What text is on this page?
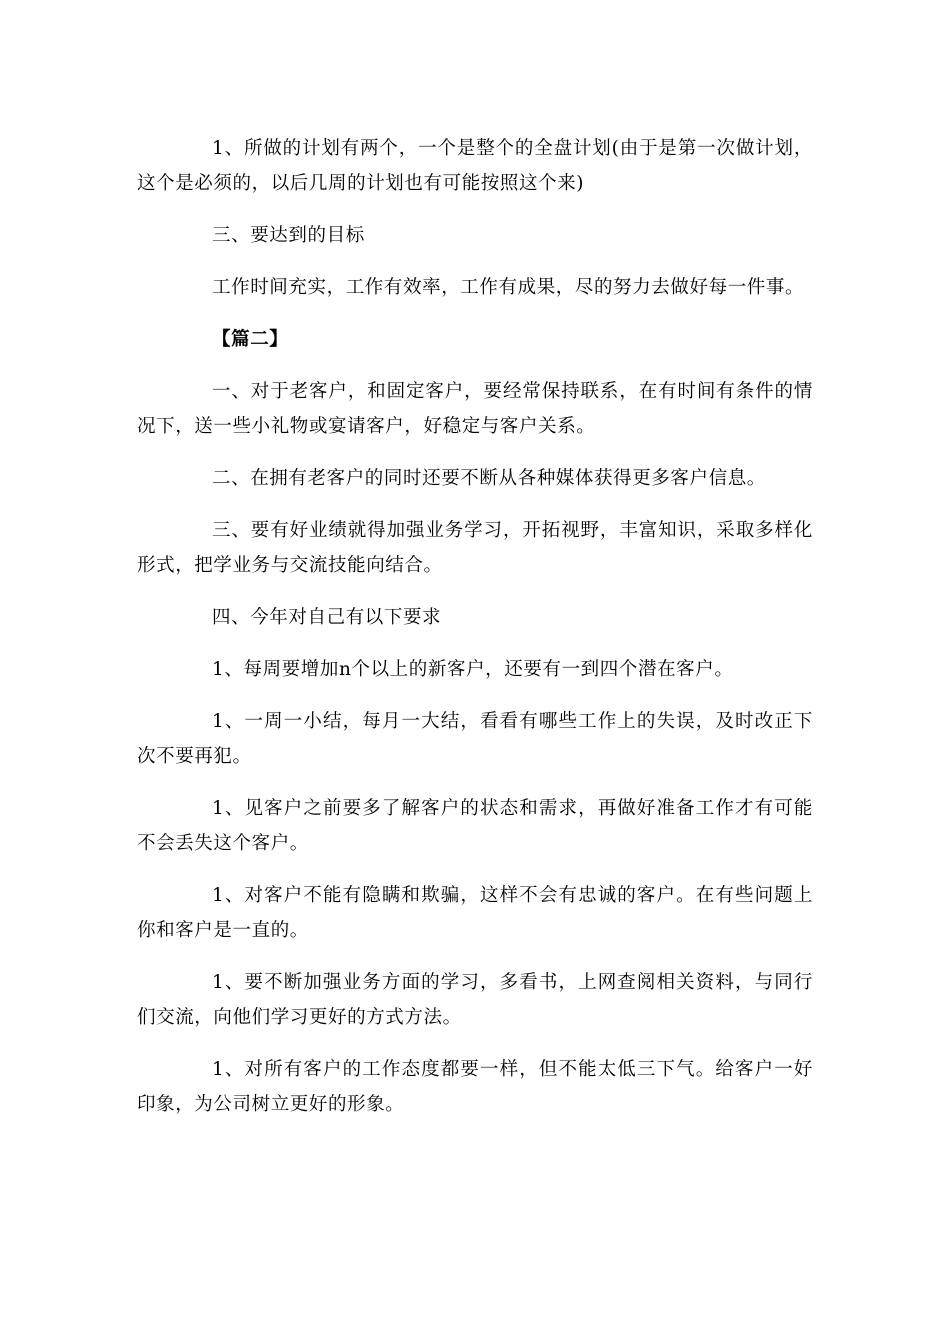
1、所做的计划有两个，一个是整个的全盘计划(由于是第一次做计划，这个是必须的，以后几周的计划也有可能按照这个来)

三、要达到的目标

工作时间充实，工作有效率，工作有成果，尽的努力去做好每一件事。

【篇二】

一、对于老客户，和固定客户，要经常保持联系，在有时间有条件的情况下，送一些小礼物或宴请客户，好稳定与客户关系。

二、在拥有老客户的同时还要不断从各种媒体获得更多客户信息。

三、要有好业绩就得加强业务学习，开拓视野，丰富知识，采取多样化形式，把学业务与交流技能向结合。

四、今年对自己有以下要求

1、每周要增加n个以上的新客户，还要有一到四个潜在客户。

1、一周一小结，每月一大结，看看有哪些工作上的失误，及时改正下次不要再犯。

1、见客户之前要多了解客户的状态和需求，再做好准备工作才有可能不会丢失这个客户。

1、对客户不能有隐瞒和欺骗，这样不会有忠诚的客户。在有些问题上你和客户是一直的。

1、要不断加强业务方面的学习，多看书，上网查阅相关资料，与同行们交流，向他们学习更好的方式方法。

1、对所有客户的工作态度都要一样，但不能太低三下气。给客户一好印象，为公司树立更好的形象。
